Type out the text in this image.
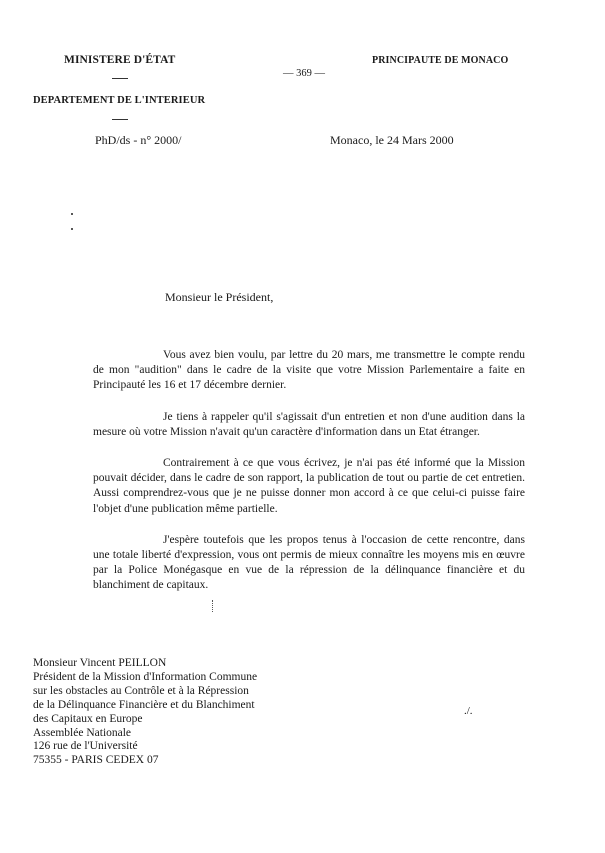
MINISTERE D'ÉTAT
DEPARTEMENT DE L'INTERIEUR
— 369 —
PRINCIPAUTE DE MONACO
PhD/ds - n° 2000/	Monaco, le 24 Mars 2000
Monsieur le Président,

Vous avez bien voulu, par lettre du 20 mars, me transmettre le compte rendu de mon "audition" dans le cadre de la visite que votre Mission Parlementaire a faite en Principauté les 16 et 17 décembre dernier.

Je tiens à rappeler qu'il s'agissait d'un entretien et non d'une audition dans la mesure où votre Mission n'avait qu'un caractère d'information dans un Etat étranger.

Contrairement à ce que vous écrivez, je n'ai pas été informé que la Mission pouvait décider, dans le cadre de son rapport, la publication de tout ou partie de cet entretien. Aussi comprendrez-vous que je ne puisse donner mon accord à ce que celui-ci puisse faire l'objet d'une publication même partielle.

J'espère toutefois que les propos tenus à l'occasion de cette rencontre, dans une totale liberté d'expression, vous ont permis de mieux connaître les moyens mis en œuvre par la Police Monégasque en vue de la répression de la délinquance financière et du blanchiment de capitaux.

Monsieur Vincent PEILLON
Président de la Mission d'Information Commune
sur les obstacles au Contrôle et à la Répression
de la Délinquance Financière et du Blanchiment
des Capitaux en Europe
Assemblée Nationale
126 rue de l'Université
75355 - PARIS CEDEX 07
./.
